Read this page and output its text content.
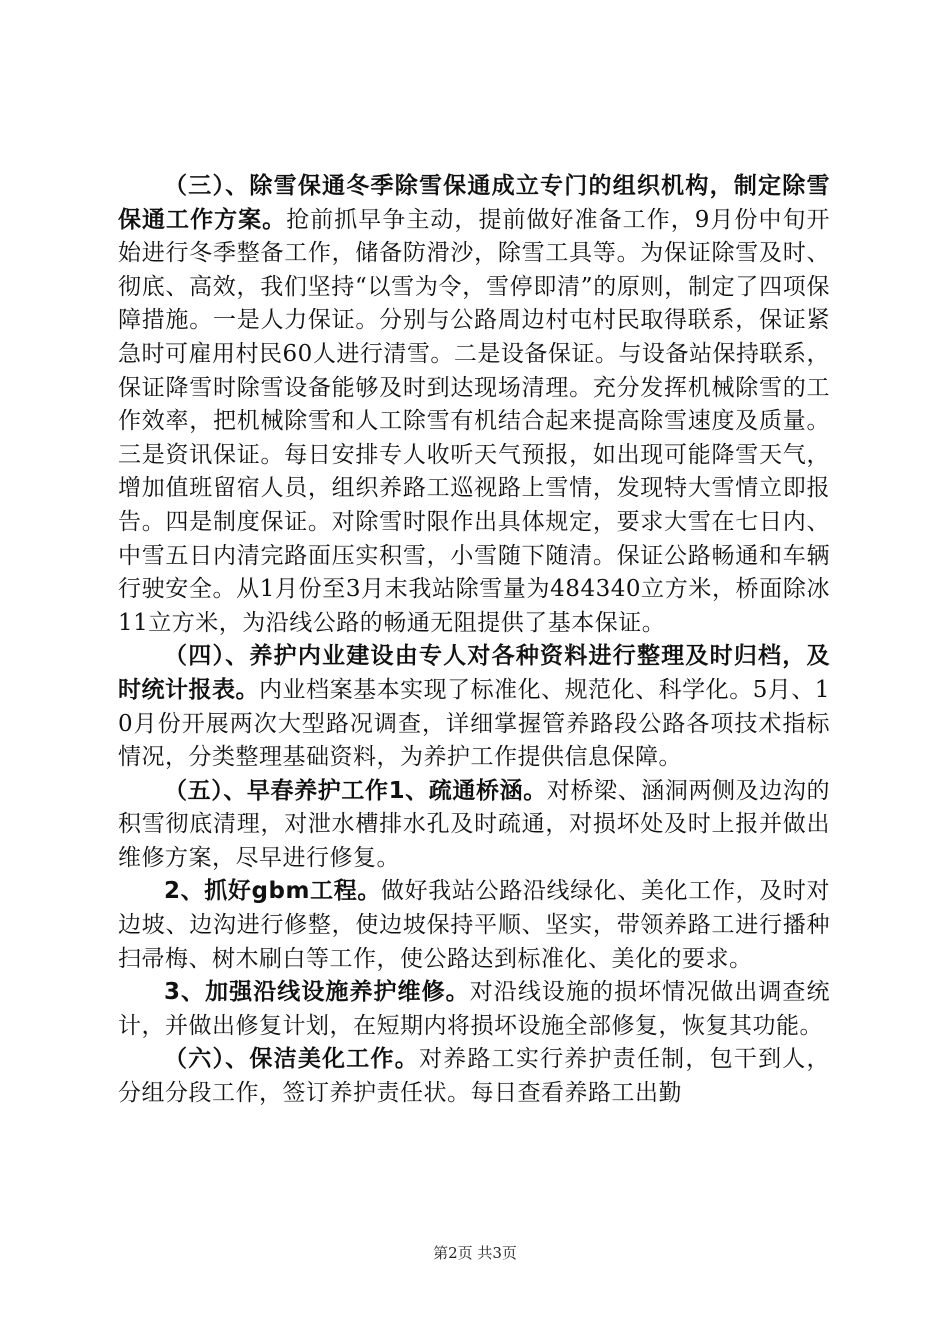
（三）、除雪保通冬季除雪保通成立专门的组织机构，制定除雪保通工作方案。抢前抓早争主动，提前做好准备工作，9月份中旬开始进行冬季整备工作，储备防滑沙，除雪工具等。为保证除雪及时、彻底、高效，我们坚持“以雪为令，雪停即清”的原则，制定了四项保障措施。一是人力保证。分别与公路周边村屯村民取得联系，保证紧急时可雇用村民60人进行清雪。二是设备保证。与设备站保持联系，保证降雪时除雪设备能够及时到达现场清理。充分发挥机械除雪的工作效率，把机械除雪和人工除雪有机结合起来提高除雪速度及质量。三是资讯保证。每日安排专人收听天气预报，如出现可能降雪天气，增加值班留宿人员，组织养路工巡视路上雪情，发现特大雪情立即报告。四是制度保证。对除雪时限作出具体规定，要求大雪在七日内、中雪五日内清完路面压实积雪，小雪随下随清。保证公路畅通和车辆行驶安全。从1月份至3月末我站除雪量为484340立方米，桥面除冰11立方米，为沿线公路的畅通无阻提供了基本保证。

（四）、养护内业建设由专人对各种资料进行整理及时归档，及时统计报表。内业档案基本实现了标准化、规范化、科学化。5月、10月份开展两次大型路况调查，详细掌握管养路段公路各项技术指标情况，分类整理基础资料，为养护工作提供信息保障。

（五）、早春养护工作1、疏通桥涵。对桥梁、涵洞两侧及边沟的积雪彻底清理，对泄水槽排水孔及时疏通，对损坏处及时上报并做出维修方案，尽早进行修复。

2、抓好gbm工程。做好我站公路沿线绿化、美化工作，及时对边坡、边沟进行修整，使边坡保持平顺、坚实，带领养路工进行播种扫帚梅、树木刷白等工作，使公路达到标准化、美化的要求。

3、加强沿线设施养护维修。对沿线设施的损坏情况做出调查统计，并做出修复计划，在短期内将损坏设施全部修复，恢复其功能。

（六）、保洁美化工作。对养路工实行养护责任制，包干到人，分组分段工作，签订养护责任状。每日查看养路工出勤

第2页 共3页
